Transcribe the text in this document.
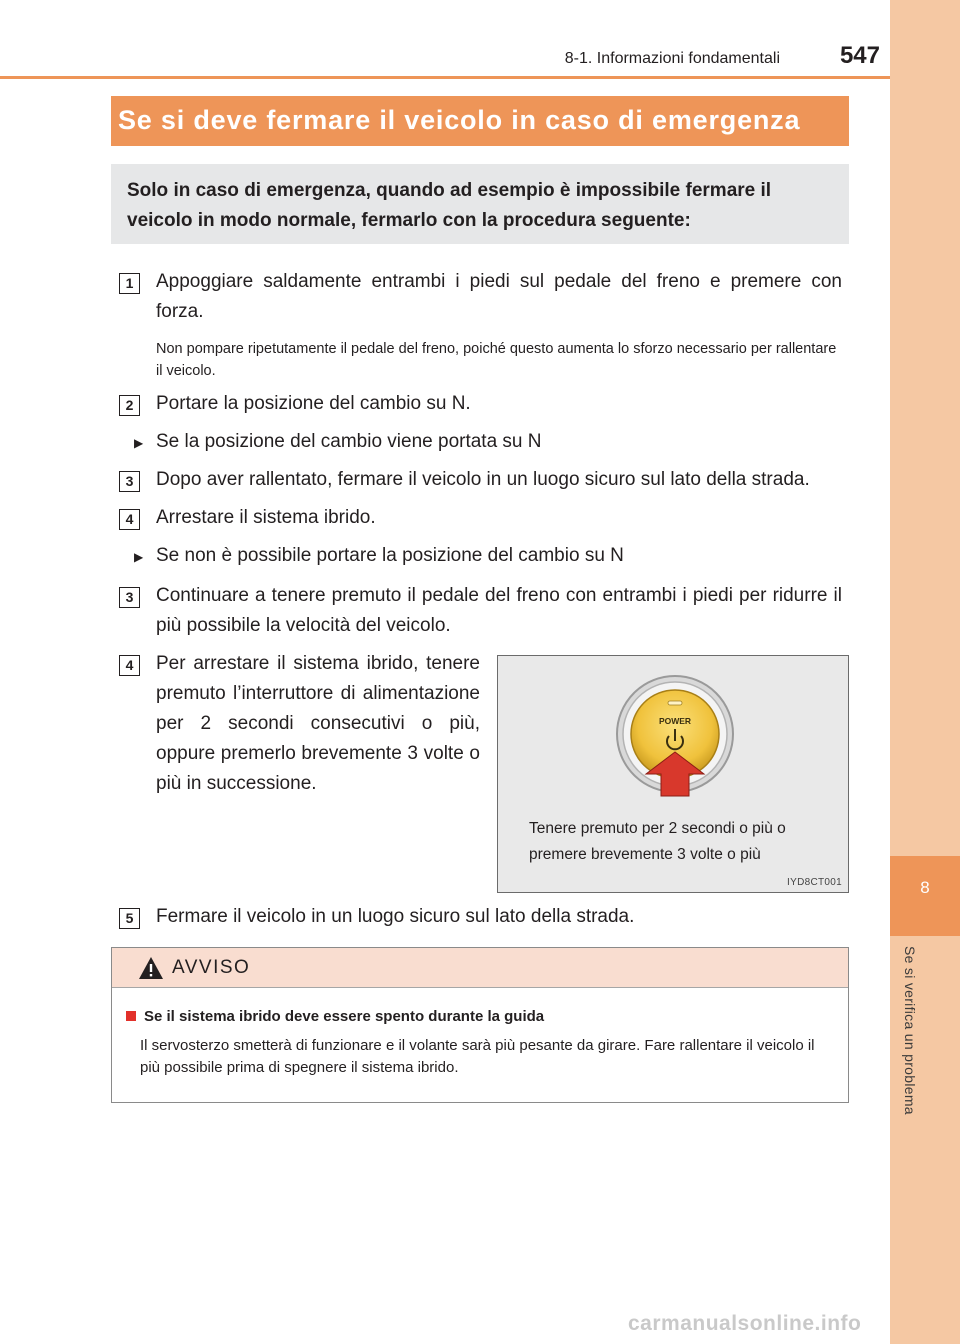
8
Se si verifica un problema
8-1. Informazioni fondamentali	547
Se si deve fermare il veicolo in caso di emergenza
Solo in caso di emergenza, quando ad esempio è impossibile fermare il veicolo in modo normale, fermarlo con la procedura seguente:
1	Appoggiare saldamente entrambi i piedi sul pedale del freno e premere con forza.
Non pompare ripetutamente il pedale del freno, poiché questo aumenta lo sforzo necessario per rallentare il veicolo.
2	Portare la posizione del cambio su N.
▶ Se la posizione del cambio viene portata su N
3	Dopo aver rallentato, fermare il veicolo in un luogo sicuro sul lato della strada.
4	Arrestare il sistema ibrido.
▶ Se non è possibile portare la posizione del cambio su N
3	Continuare a tenere premuto il pedale del freno con entrambi i piedi per ridurre il più possibile la velocità del veicolo.
4	Per arrestare il sistema ibrido, tenere premuto l’interruttore di alimentazione per 2 secondi consecutivi o più, oppure premerlo brevemente 3 volte o più in successione.
POWER
Tenere premuto per 2 secondi o più o premere brevemente 3 volte o più
IYD8CT001
5	Fermare il veicolo in un luogo sicuro sul lato della strada.
AVVISO
Se il sistema ibrido deve essere spento durante la guida
Il servosterzo smetterà di funzionare e il volante sarà più pesante da girare. Fare rallentare il veicolo il più possibile prima di spegnere il sistema ibrido.
carmanualsonline.info
